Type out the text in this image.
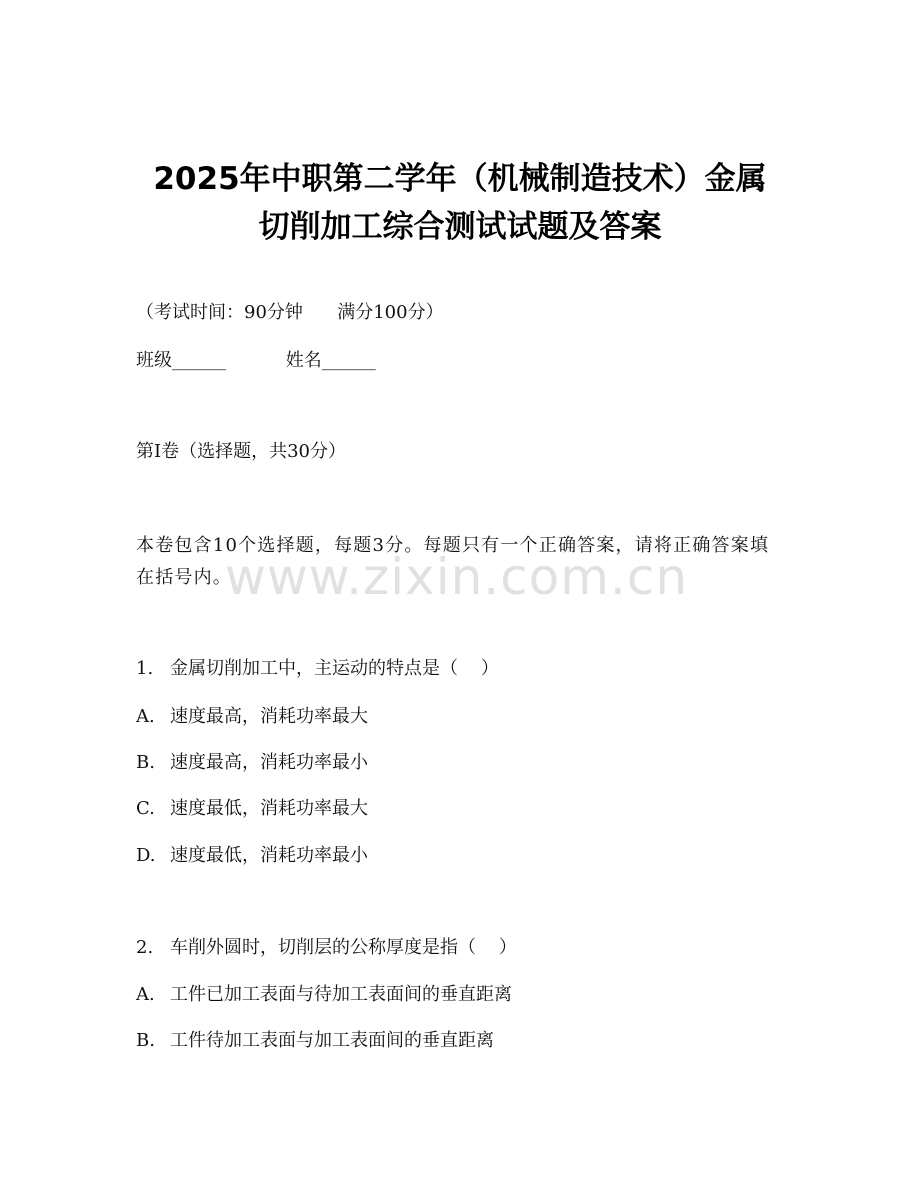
2025年中职第二学年（机械制造技术）金属
切削加工综合测试试题及答案
（考试时间：90分钟      满分100分）
班级______	姓名______
第I卷（选择题，共30分）
本卷包含10个选择题，每题3分。每题只有一个正确答案，请将正确答案填在括号内。
www.zixin.com.cn
1. 金属切削加工中，主运动的特点是（    ）
A. 速度最高，消耗功率最大
B. 速度最高，消耗功率最小
C. 速度最低，消耗功率最大
D. 速度最低，消耗功率最小
2. 车削外圆时，切削层的公称厚度是指（    ）
A. 工件已加工表面与待加工表面间的垂直距离
B. 工件待加工表面与加工表面间的垂直距离
